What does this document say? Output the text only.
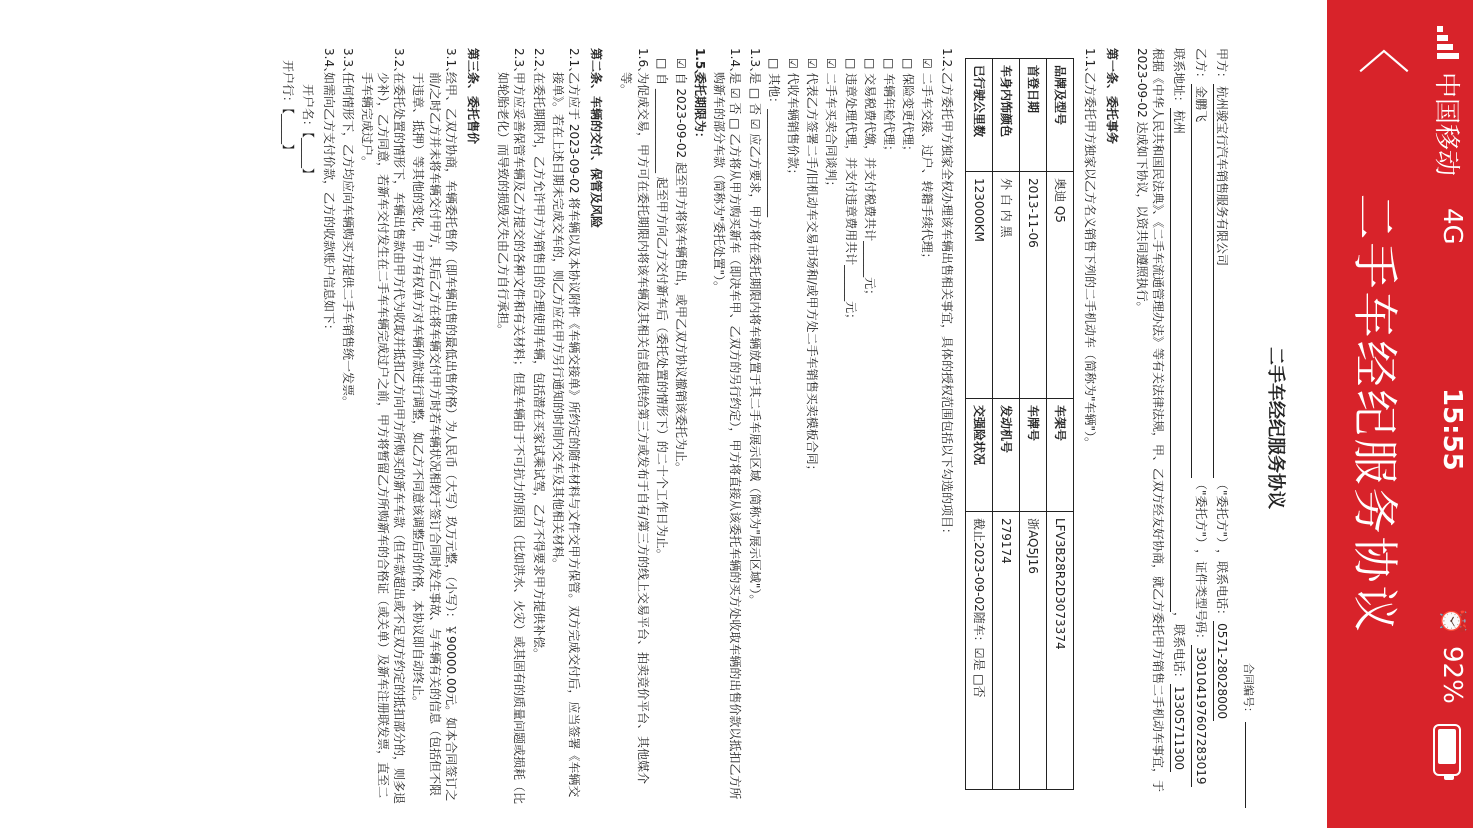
中国移动
4G
15:55
⏰
92%
〈
二手车经纪服务协议
二手车经纪服务协议
合同编号：
甲方：
杭州骏宝行汽车销售服务有限公司
（"委托方"）
，联系电话：
0571-28028000
乙方：
金鹏飞
（"委托方"）
，证件类型号码：
330104197607283019
联系地址：
杭州
，联系电话：
13305711300

根据《中华人民共和国民法典》、《二手车流通管理办法》等有关法律法规，甲、乙双方经友好协商，就乙方委托甲方销售二手机动车事宜，于 2023-09-02 达成如下协议，以资共同遵照执行。

第一条、委托事务
1.1、
乙方委托甲方独家以乙方名义销售下列的二手机动车（简称为"车辆"）。
品牌及型号	奥迪 Q5	车架号	LFV3B28R2D3073374
首登日期	2013-11-06	车牌号	浙AQ5J16
车身内饰颜色	外 白 内 黑	发动机号	279174
已行驶公里数	123000KM	交强险状况	截止2023-09-02随车：☑是 □否
1.2、
乙方委托甲方独家全权办理该车辆出售相关事宜，具体的授权范围包括以下勾选的项目：
☑ 二手车交接、过户、转籍手续代理；
□ 保险变更代理；
□ 车辆年检代理；
□ 交易税费代缴，并支付税费共计______元；
□ 违章处理代理，并支付违章费用共计______元；
☑ 二手车买卖合同谈判；
☑ 代表乙方签署二手/旧机动车交易市场和/或甲方处二手车销售买卖模板合同；
☑ 代收车辆销售价款；
□ 其他：__________________
1.3、
是 □ 否 ☑ 应乙方要求，甲方将在委托期限内将车辆放置于其二手车展示区域（简称为"展示区域"）。
1.4、
是 ☑ 否 □ 乙方将从甲方购买新车（即决车甲、乙双方的另行约定），甲方将直接从该委托车辆的买方处收取车辆的出售价款以抵扣乙方所购新车的部分车款（简称为"委托处置"）。
1.5、
委托期限为：
☑ 自 2023-09-02 起至甲方将该车辆售出，或甲乙双方协议撤销该委托为止。
□ 自 ______________ 起至甲方向乙方交付新车后（委托处置的情形下）的二十个工作日为止。
1.6、
为促成交易，甲方可在委托期限内将该车辆及其相关信息提供给第三方或发布于自有/第三方的线上交易平台、拍卖竞价平台、其他媒介等。
第二条、车辆的交付、保管及风险
2.1、
乙方应于 2023-09-02 将车辆以及本协议附件《车辆交接单》所约定的随车材料与文件交甲方保管。双方完成交付后，应当签署《车辆交接单》。若在上述日期未完成交车的，则乙方应在甲方另行通知的时间内交车及其他相关材料。
2.2、
在委托期限内，乙方允许甲方为销售目的合理使用车辆，包括潜在买家试乘试驾，乙方不得要求甲方提供补偿。
2.3、
甲方应妥善保管车辆及乙方提交的各种文件和有关材料；但是车辆由于不可抗力的原因（比如洪水、火灾）或其固有的质量问题或损耗（比如轮胎老化）而导致的损毁灭失由乙方自行承担。
第三条、委托售价
3.1、
经甲、乙双方协商，车辆委托售价（即车辆出售的最低出售价格）为人民币（大写）玖万元整，（小写）：￥90000.00元。如本合同签订之前/之时乙方并未将车辆交付甲方，其后乙方在将车辆交付甲方时若车辆状况相较于签订合同时发生事故、与车辆有关的信息（包括但不限于违章、抵押）等其他的变化，甲方有权单方对车辆价款进行调整，如乙方不同意该调整后的价格，本协议即自动终止。
3.2、
在委托处置的情形下，车辆出售款由甲方代为收取并抵扣乙方向甲方所购买的新车车款（但车款超出或不足双方约定的抵扣部分的，则多退少补），乙方同意，若新车交付发生在二手车车辆完成过户之前，甲方将暂留乙方所购新车的合格证（或关单）及新车注册联发票，直至二手车辆完成过户。
3.3、
任何情形下，乙方均应向车辆购买方提供二手车销售统一发票。
3.4、
如需向乙方支付价款，乙方的收款账户信息如下：

开户名：【_____】

开户行：【_____】
